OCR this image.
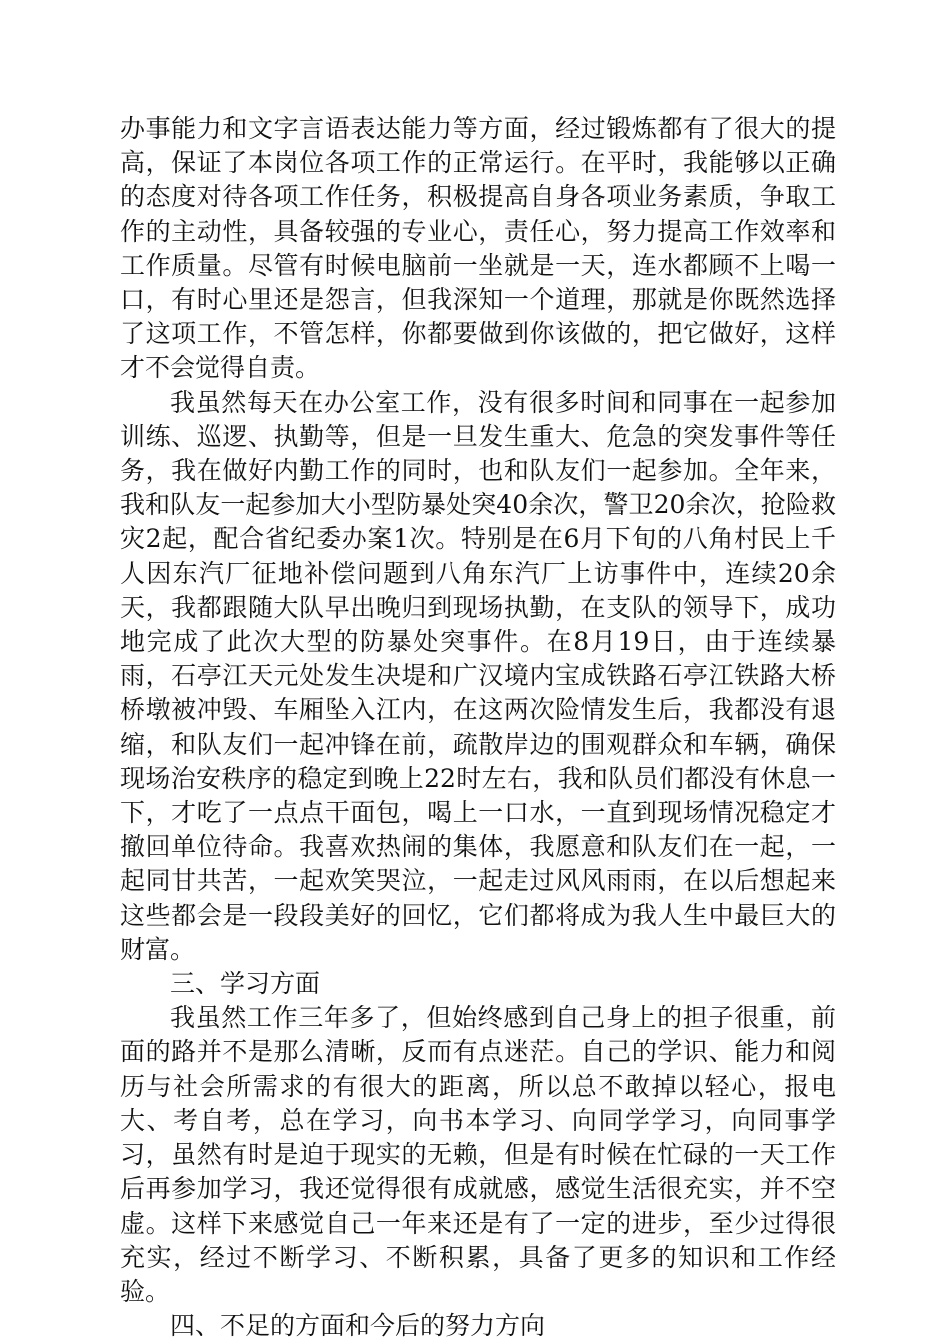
办事能力和文字言语表达能力等方面，经过锻炼都有了很大的提高，保证了本岗位各项工作的正常运行。在平时，我能够以正确的态度对待各项工作任务，积极提高自身各项业务素质，争取工作的主动性，具备较强的专业心，责任心，努力提高工作效率和工作质量。尽管有时候电脑前一坐就是一天，连水都顾不上喝一口，有时心里还是怨言，但我深知一个道理，那就是你既然选择了这项工作，不管怎样，你都要做到你该做的，把它做好，这样才不会觉得自责。

我虽然每天在办公室工作，没有很多时间和同事在一起参加训练、巡逻、执勤等，但是一旦发生重大、危急的突发事件等任务，我在做好内勤工作的同时，也和队友们一起参加。全年来，我和队友一起参加大小型防暴处突40余次，警卫20余次，抢险救灾2起，配合省纪委办案1次。特别是在6月下旬的八角村民上千人因东汽厂征地补偿问题到八角东汽厂上访事件中，连续20余天，我都跟随大队早出晚归到现场执勤，在支队的领导下，成功地完成了此次大型的防暴处突事件。在8月19日，由于连续暴雨，石亭江天元处发生决堤和广汉境内宝成铁路石亭江铁路大桥桥墩被冲毁、车厢坠入江内，在这两次险情发生后，我都没有退缩，和队友们一起冲锋在前，疏散岸边的围观群众和车辆，确保现场治安秩序的稳定到晚上22时左右，我和队员们都没有休息一下，才吃了一点点干面包，喝上一口水，一直到现场情况稳定才撤回单位待命。我喜欢热闹的集体，我愿意和队友们在一起，一起同甘共苦，一起欢笑哭泣，一起走过风风雨雨，在以后想起来这些都会是一段段美好的回忆，它们都将成为我人生中最巨大的财富。

三、学习方面

我虽然工作三年多了，但始终感到自己身上的担子很重，前面的路并不是那么清晰，反而有点迷茫。自己的学识、能力和阅历与社会所需求的有很大的距离，所以总不敢掉以轻心，报电大、考自考，总在学习，向书本学习、向同学学习，向同事学习，虽然有时是迫于现实的无赖，但是有时候在忙碌的一天工作后再参加学习，我还觉得很有成就感，感觉生活很充实，并不空虚。这样下来感觉自己一年来还是有了一定的进步，至少过得很充实，经过不断学习、不断积累，具备了更多的知识和工作经验。

四、不足的方面和今后的努力方向
